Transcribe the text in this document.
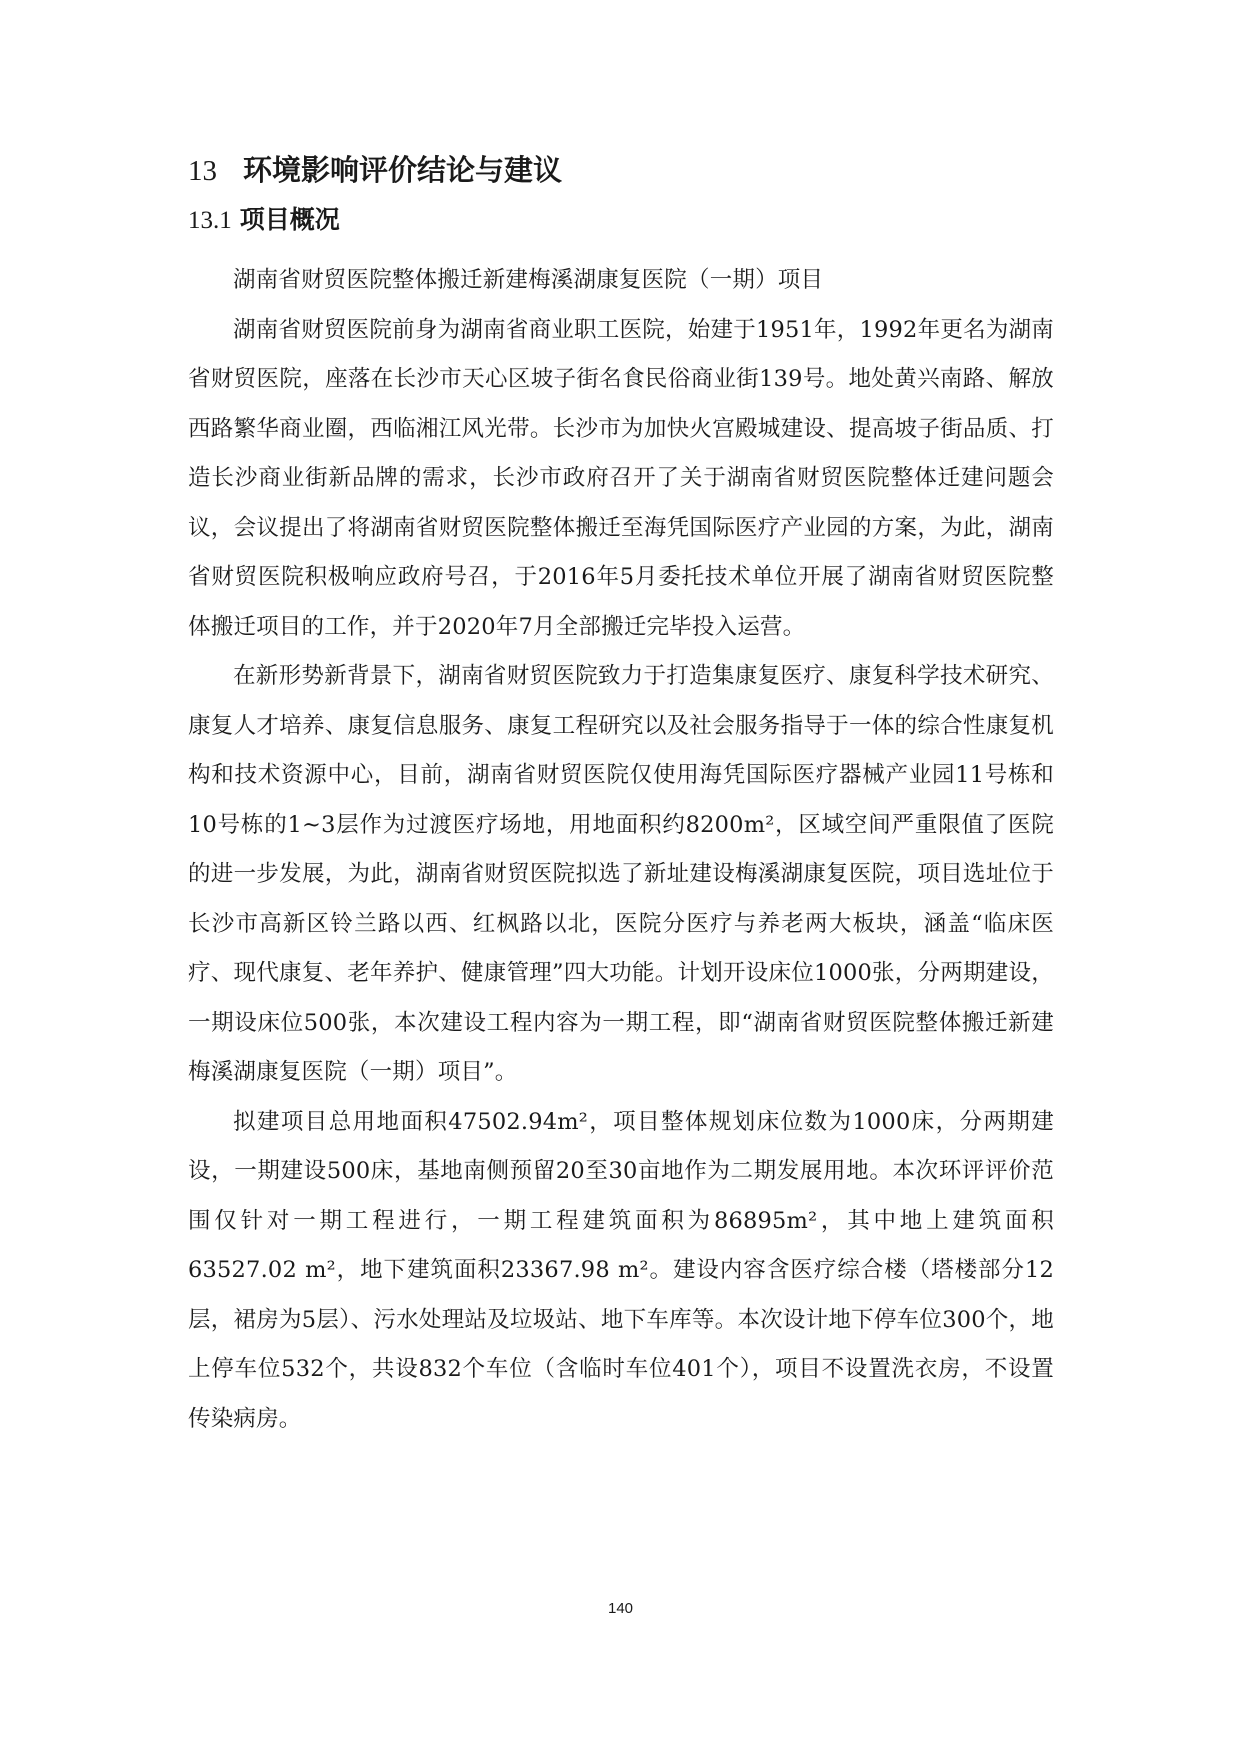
13 环境影响评价结论与建议
13.1 项目概况

湖南省财贸医院整体搬迁新建梅溪湖康复医院（一期）项目

湖南省财贸医院前身为湖南省商业职工医院，始建于1951年，1992年更名为湖南省财贸医院，座落在长沙市天心区坡子街名食民俗商业街139号。地处黄兴南路、解放西路繁华商业圈，西临湘江风光带。长沙市为加快火宫殿城建设、提高坡子街品质、打造长沙商业街新品牌的需求，长沙市政府召开了关于湖南省财贸医院整体迁建问题会议，会议提出了将湖南省财贸医院整体搬迁至海凭国际医疗产业园的方案，为此，湖南省财贸医院积极响应政府号召，于2016年5月委托技术单位开展了湖南省财贸医院整体搬迁项目的工作，并于2020年7月全部搬迁完毕投入运营。

在新形势新背景下，湖南省财贸医院致力于打造集康复医疗、康复科学技术研究、康复人才培养、康复信息服务、康复工程研究以及社会服务指导于一体的综合性康复机构和技术资源中心，目前，湖南省财贸医院仅使用海凭国际医疗器械产业园11号栋和10号栋的1~3层作为过渡医疗场地，用地面积约8200m²，区域空间严重限值了医院的进一步发展，为此，湖南省财贸医院拟选了新址建设梅溪湖康复医院，项目选址位于长沙市高新区铃兰路以西、红枫路以北，医院分医疗与养老两大板块，涵盖“临床医疗、现代康复、老年养护、健康管理”四大功能。计划开设床位1000张，分两期建设，一期设床位500张，本次建设工程内容为一期工程，即“湖南省财贸医院整体搬迁新建梅溪湖康复医院（一期）项目”。

拟建项目总用地面积47502.94m²，项目整体规划床位数为1000床，分两期建设，一期建设500床，基地南侧预留20至30亩地作为二期发展用地。本次环评评价范围仅针对一期工程进行，一期工程建筑面积为86895m²，其中地上建筑面积63527.02 m²，地下建筑面积23367.98 m²。建设内容含医疗综合楼（塔楼部分12层，裙房为5层）、污水处理站及垃圾站、地下车库等。本次设计地下停车位300个，地上停车位532个，共设832个车位（含临时车位401个），项目不设置洗衣房，不设置传染病房。

140
